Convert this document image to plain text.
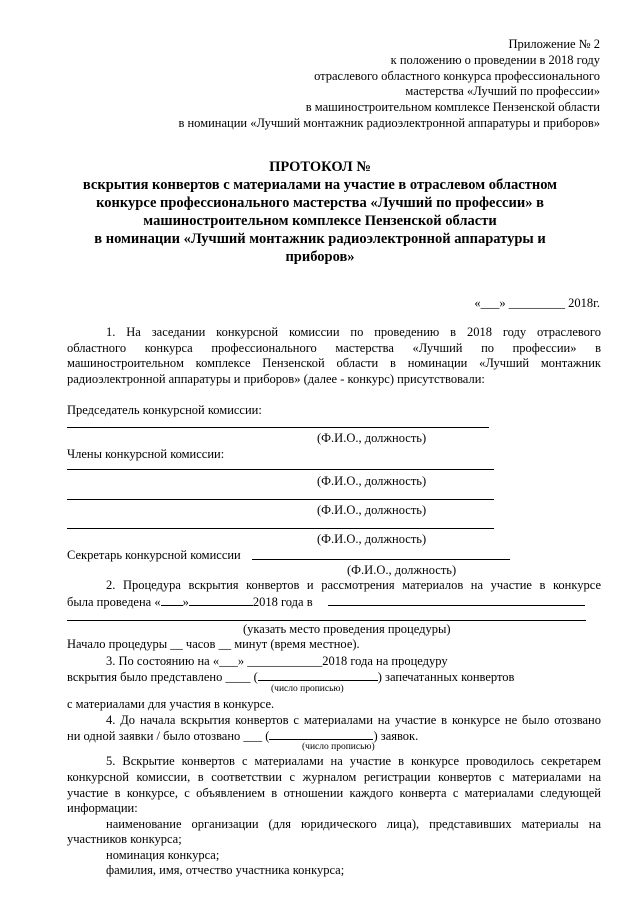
Приложение № 2
к положению о проведении в 2018 году
отраслевого областного конкурса профессионального
мастерства «Лучший по профессии»
в машиностроительном комплексе Пензенской области
в номинации «Лучший монтажник радиоэлектронной аппаратуры и приборов»
ПРОТОКОЛ №
вскрытия конвертов с материалами на участие в отраслевом областном
конкурсе профессионального мастерства «Лучший по профессии» в
машиностроительном комплексе Пензенской области
в номинации «Лучший монтажник радиоэлектронной аппаратуры и
приборов»
«___» _________ 2018г.
1. На заседании конкурсной комиссии по проведению в 2018 году отраслевого
областного конкурса профессионального мастерства «Лучший по профессии» в
машиностроительном комплексе Пензенской области в номинации «Лучший монтажник
радиоэлектронной аппаратуры и приборов» (далее - конкурс) присутствовали:
Председатель конкурсной комиссии:
(Ф.И.О., должность)
Члены конкурсной комиссии:
(Ф.И.О., должность)
(Ф.И.О., должность)
(Ф.И.О., должность)
Секретарь конкурсной комиссии
(Ф.И.О., должность)
2. Процедура вскрытия конвертов и рассмотрения материалов на участие в конкурсе
была проведена « »	2018 года в
(указать место проведения процедуры)
Начало процедуры __ часов __ минут (время местное).
3. По состоянию на «___» ____________2018 года на процедуру
вскрытия было представлено ____ (	) запечатанных конвертов
(число прописью)
с материалами для участия в конкурсе.
4. До начала вскрытия конвертов с материалами на участие в конкурсе не было отозвано
ни одной заявки / было отозвано ___ (	) заявок.
(число прописью)
5. Вскрытие конвертов с материалами на участие в конкурсе проводилось секретарем
конкурсной комиссии, в соответствии с журналом регистрации конвертов с материалами на
участие в конкурсе, с объявлением в отношении каждого конверта с материалами следующей
информации:
наименование организации (для юридического лица), представивших материалы на
участников конкурса;
номинация конкурса;
фамилия, имя, отчество участника конкурса;
